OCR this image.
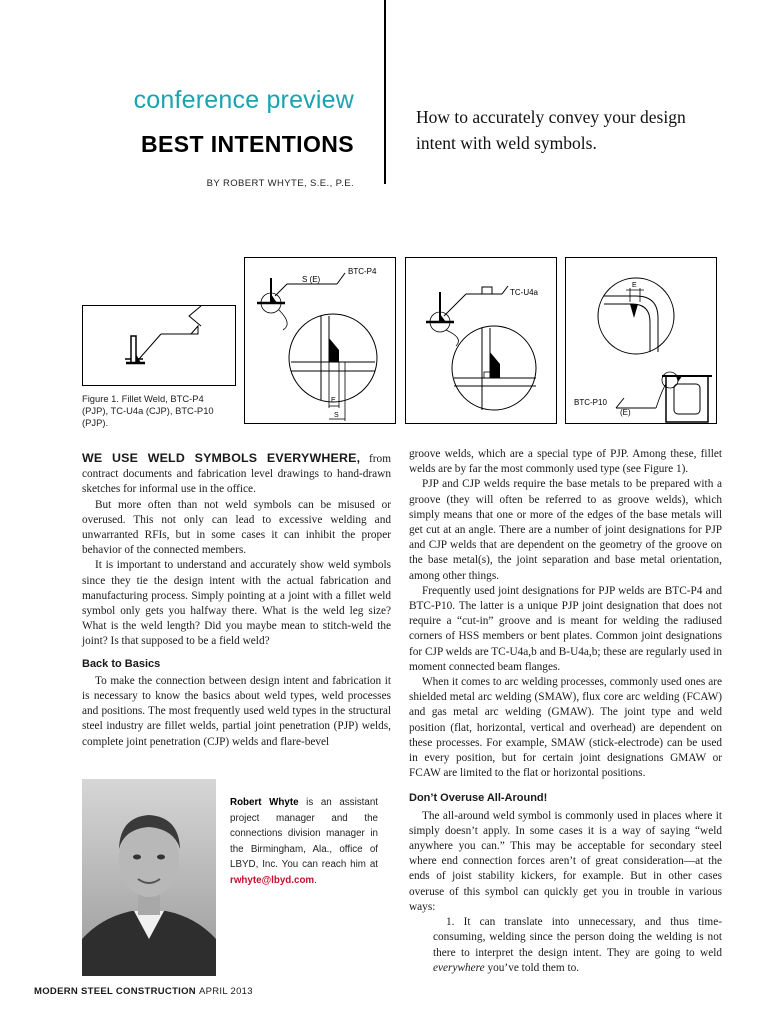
conference preview
BEST INTENTIONS
BY ROBERT WHYTE, S.E., P.E.
How to accurately convey your design intent with weld symbols.
Figure 1. Fillet Weld, BTC-P4 (PJP), TC-U4a (CJP), BTC-P10 (PJP).
S (E)
BTC-P4
E
S
TC-U4a
E
BTC-P10
(E)

WE USE WELD SYMBOLS EVERYWHERE, from contract documents and fabrication level drawings to hand-drawn sketches for informal use in the office.

But more often than not weld symbols can be misused or overused. This not only can lead to excessive welding and unwarranted RFIs, but in some cases it can inhibit the proper behavior of the connected members.

It is important to understand and accurately show weld symbols since they tie the design intent with the actual fabrication and manufacturing process. Simply pointing at a joint with a fillet weld symbol only gets you halfway there. What is the weld leg size? What is the weld length? Did you maybe mean to stitch-weld the joint? Is that supposed to be a field weld?

Back to Basics

To make the connection between design intent and fabrication it is necessary to know the basics about weld types, weld processes and positions. The most frequently used weld types in the structural steel industry are fillet welds, partial joint penetration (PJP) welds, complete joint penetration (CJP) welds and flare-bevel

groove welds, which are a special type of PJP. Among these, fillet welds are by far the most commonly used type (see Figure 1).

PJP and CJP welds require the base metals to be prepared with a groove (they will often be referred to as groove welds), which simply means that one or more of the edges of the base metals will get cut at an angle. There are a number of joint designations for PJP and CJP welds that are dependent on the geometry of the groove on the base metal(s), the joint separation and base metal orientation, among other things.

Frequently used joint designations for PJP welds are BTC-P4 and BTC-P10. The latter is a unique PJP joint designation that does not require a “cut-in” groove and is meant for welding the radiused corners of HSS members or bent plates. Common joint designations for CJP welds are TC-U4a,b and B-U4a,b; these are regularly used in moment connected beam flanges.

When it comes to arc welding processes, commonly used ones are shielded metal arc welding (SMAW), flux core arc welding (FCAW) and gas metal arc welding (GMAW). The joint type and weld position (flat, horizontal, vertical and overhead) are dependent on these processes. For example, SMAW (stick-electrode) can be used in every position, but for certain joint designations GMAW or FCAW are limited to the flat or horizontal positions.

Don’t Overuse All-Around!

The all-around weld symbol is commonly used in places where it simply doesn’t apply. In some cases it is a way of saying “weld anywhere you can.” This may be acceptable for secondary steel where end connection forces aren’t of great consideration—at the ends of joist stability kickers, for example. But in other cases overuse of this symbol can quickly get you in trouble in various ways:

1. It can translate into unnecessary, and thus time-consuming, welding since the person doing the welding is not there to interpret the design intent. They are going to weld everywhere you’ve told them to.

Robert Whyte is an assistant project manager and the connections division manager in the Birmingham, Ala., office of LBYD, Inc. You can reach him at rwhyte@lbyd.com.
MODERN STEEL CONSTRUCTION APRIL 2013
